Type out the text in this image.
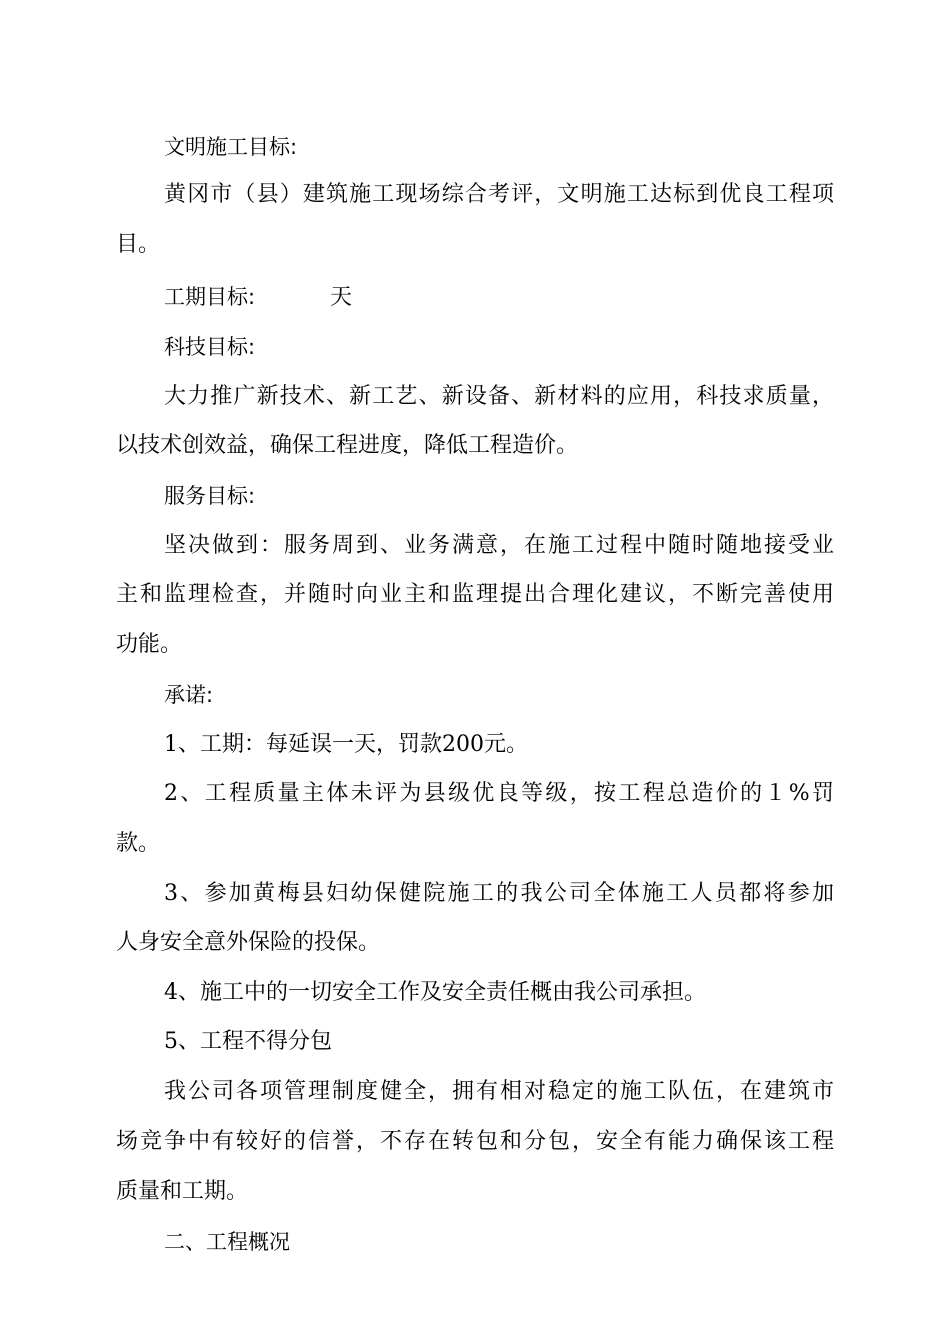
文明施工目标:
黄冈市（县）建筑施工现场综合考评，文明施工达标到优良工程项
目。
工期目标:	天
科技目标:
大力推广新技术、新工艺、新设备、新材料的应用，科技求质量，
以技术创效益，确保工程进度，降低工程造价。
服务目标:
坚决做到：服务周到、业务满意，在施工过程中随时随地接受业
主和监理检查，并随时向业主和监理提出合理化建议，不断完善使用
功能。
承诺:
1、工期：每延误一天，罚款200元。
2、工程质量主体未评为县级优良等级，按工程总造价的１%罚
款。
3、参加黄梅县妇幼保健院施工的我公司全体施工人员都将参加
人身安全意外保险的投保。
4、施工中的一切安全工作及安全责任概由我公司承担。
5、工程不得分包
我公司各项管理制度健全，拥有相对稳定的施工队伍，在建筑市
场竞争中有较好的信誉，不存在转包和分包，安全有能力确保该工程
质量和工期。
二、工程概况
